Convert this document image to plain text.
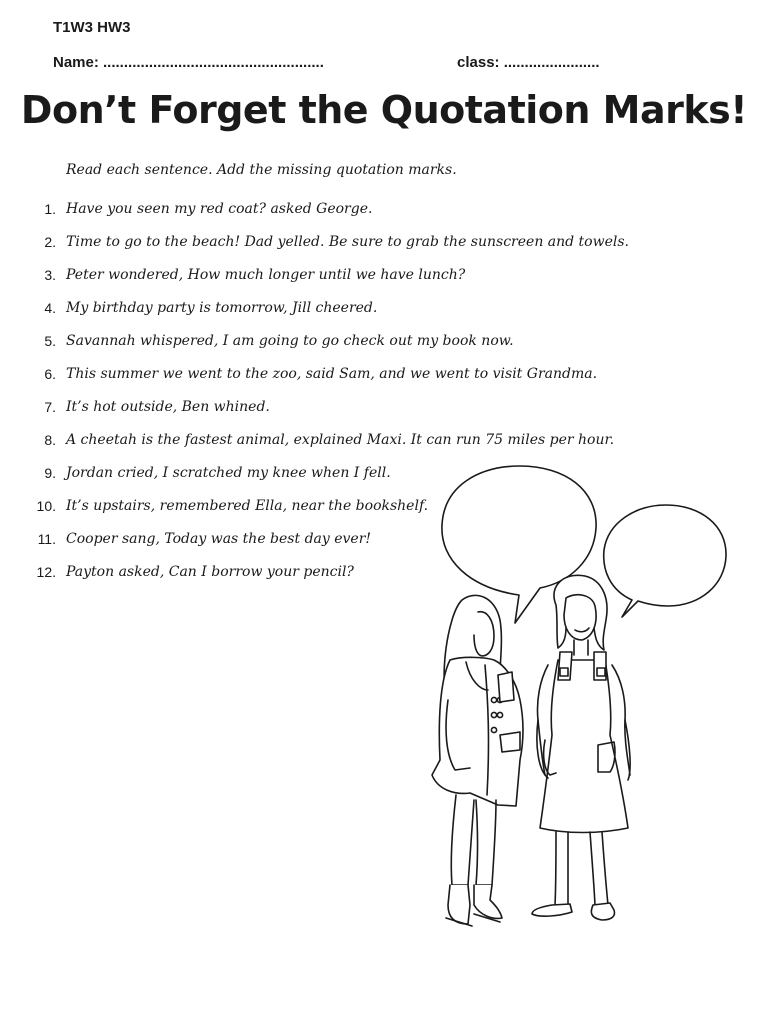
T1W3 HW3
Name: .....................................................	class: .......................
Don’t Forget the Quotation Marks!
Read each sentence. Add the missing quotation marks.
1. Have you seen my red coat? asked George.
2. Time to go to the beach! Dad yelled. Be sure to grab the sunscreen and towels.
3. Peter wondered, How much longer until we have lunch?
4. My birthday party is tomorrow, Jill cheered.
5. Savannah whispered, I am going to go check out my book now.
6. This summer we went to the zoo, said Sam, and we went to visit Grandma.
7. It’s hot outside, Ben whined.
8. A cheetah is the fastest animal, explained Maxi. It can run 75 miles per hour.
9. Jordan cried, I scratched my knee when I fell.
10. It’s upstairs, remembered Ella, near the bookshelf.
11. Cooper sang, Today was the best day ever!
12. Payton asked, Can I borrow your pencil?
